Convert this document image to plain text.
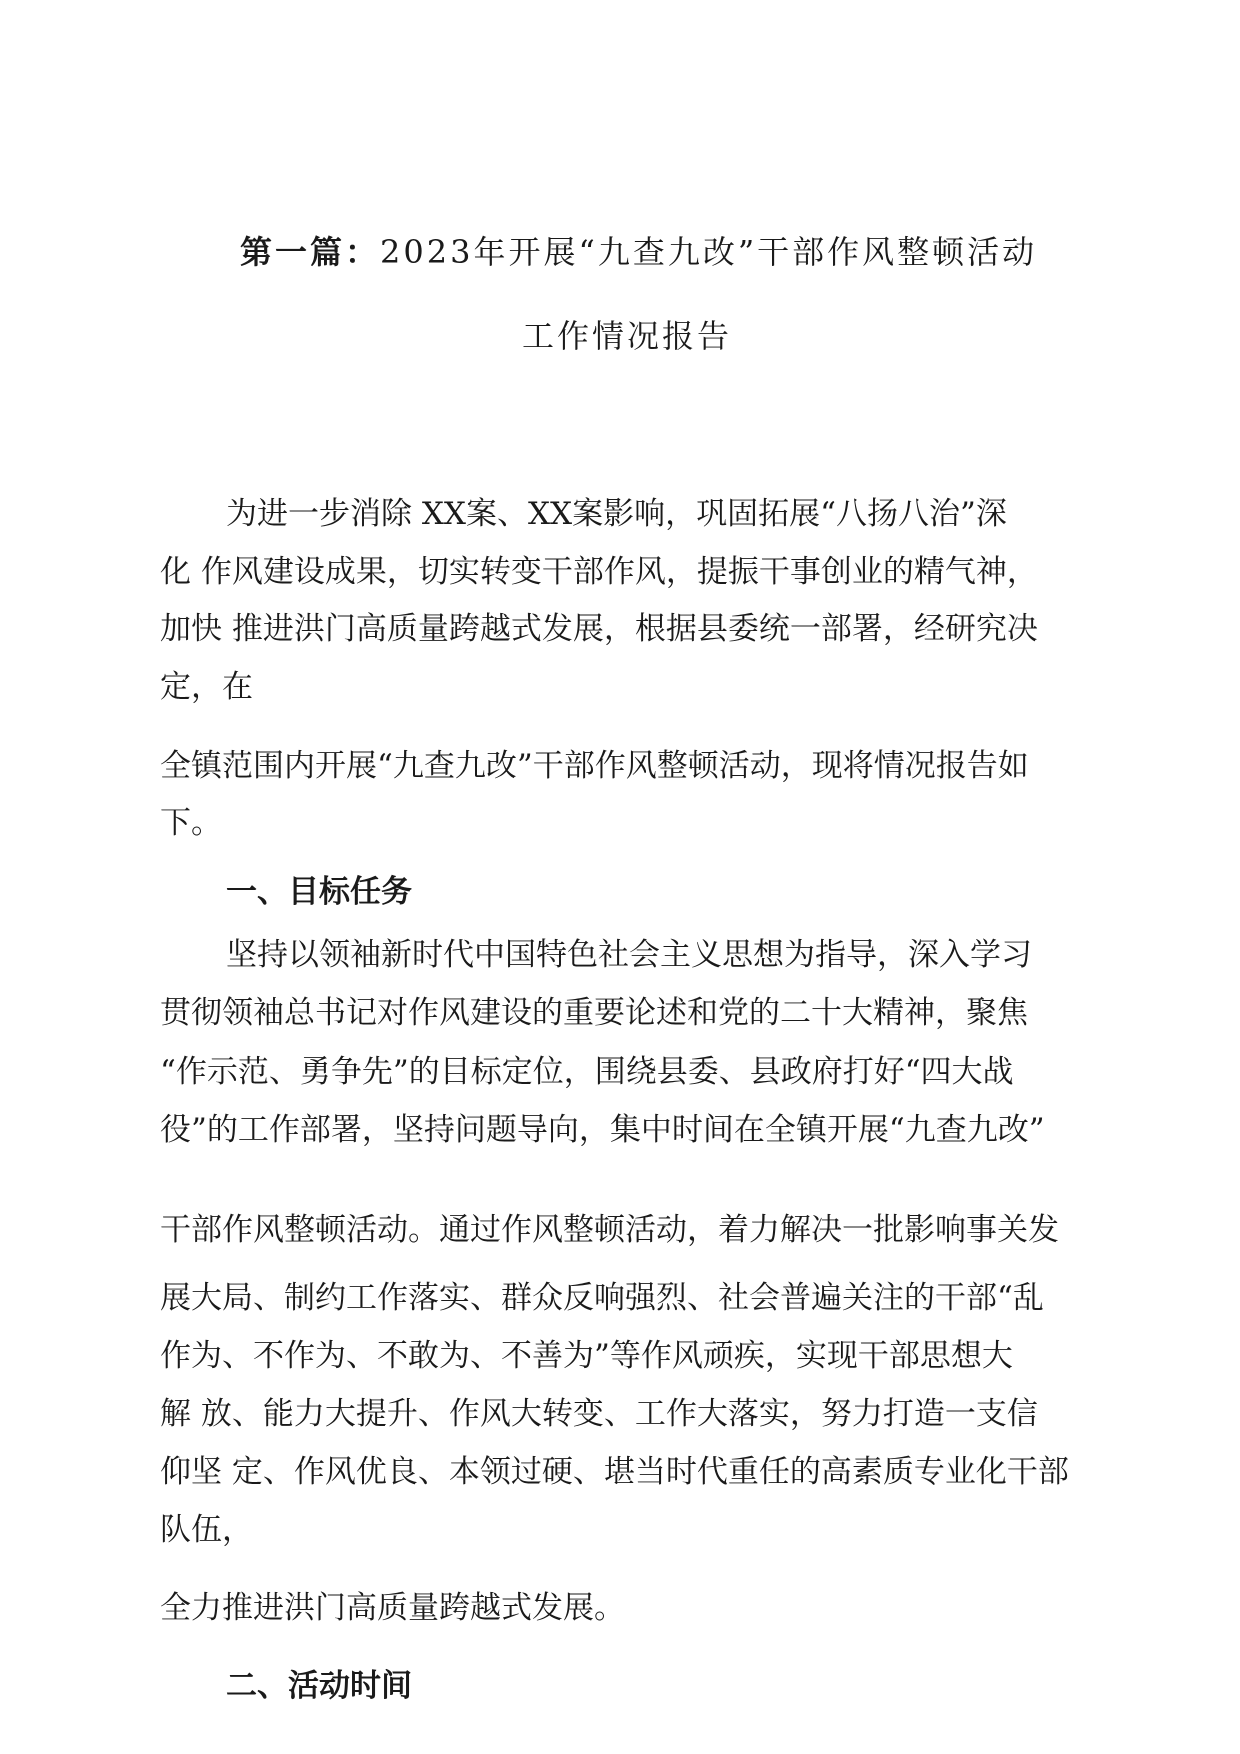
第一篇：2023年开展“九查九改”干部作风整顿活动
工作情况报告
为进一步消除 XX案、XX案影响，巩固拓展“八扬八治”深
化 作风建设成果，切实转变干部作风，提振干事创业的精气神，
加快 推进洪门高质量跨越式发展，根据县委统一部署，经研究决
定，在
全镇范围内开展“九查九改”干部作风整顿活动，现将情况报告如
下。
一、目标任务
坚持以领袖新时代中国特色社会主义思想为指导，深入学习
贯彻领袖总书记对作风建设的重要论述和党的二十大精神，聚焦
“作示范、勇争先”的目标定位，围绕县委、县政府打好“四大战
役”的工作部署，坚持问题导向，集中时间在全镇开展“九查九改”
干部作风整顿活动。通过作风整顿活动，着力解决一批影响事关发
展大局、制约工作落实、群众反响强烈、社会普遍关注的干部“乱
作为、不作为、不敢为、不善为”等作风顽疾，实现干部思想大
解 放、能力大提升、作风大转变、工作大落实，努力打造一支信
仰坚 定、作风优良、本领过硬、堪当时代重任的高素质专业化干部
队伍，
全力推进洪门高质量跨越式发展。
二、活动时间
